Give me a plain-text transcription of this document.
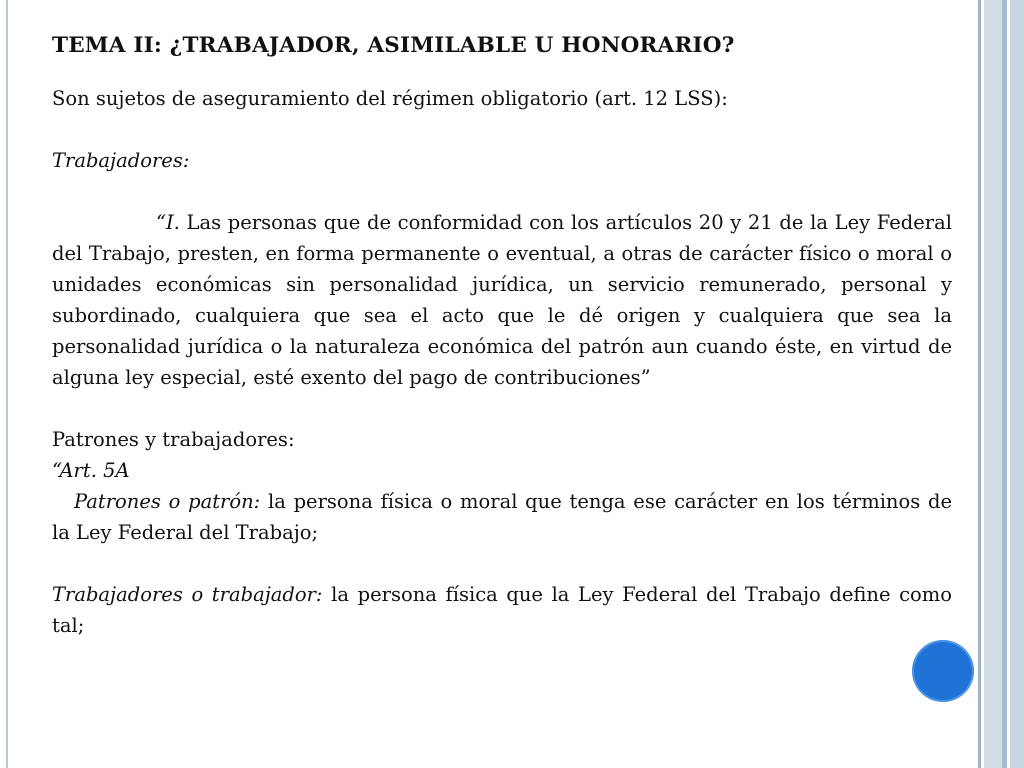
TEMA II: ¿TRABAJADOR, ASIMILABLE U HONORARIO?

Son sujetos de aseguramiento del régimen obligatorio (art. 12 LSS):

Trabajadores:

“I. Las personas que de conformidad con los artículos 20 y 21 de la Ley Federal del Trabajo, presten, en forma permanente o eventual, a otras de carácter físico o moral o unidades económicas sin personalidad jurídica, un servicio remunerado, personal y subordinado, cualquiera que sea el acto que le dé origen y cualquiera que sea la personalidad jurídica o la naturaleza económica del patrón aun cuando éste, en virtud de alguna ley especial, esté exento del pago de contribuciones”

Patrones y trabajadores:

“Art. 5A

Patrones o patrón: la persona física o moral que tenga ese carácter en los términos de la Ley Federal del Trabajo;

Trabajadores o trabajador: la persona física que la Ley Federal del Trabajo define como tal;
